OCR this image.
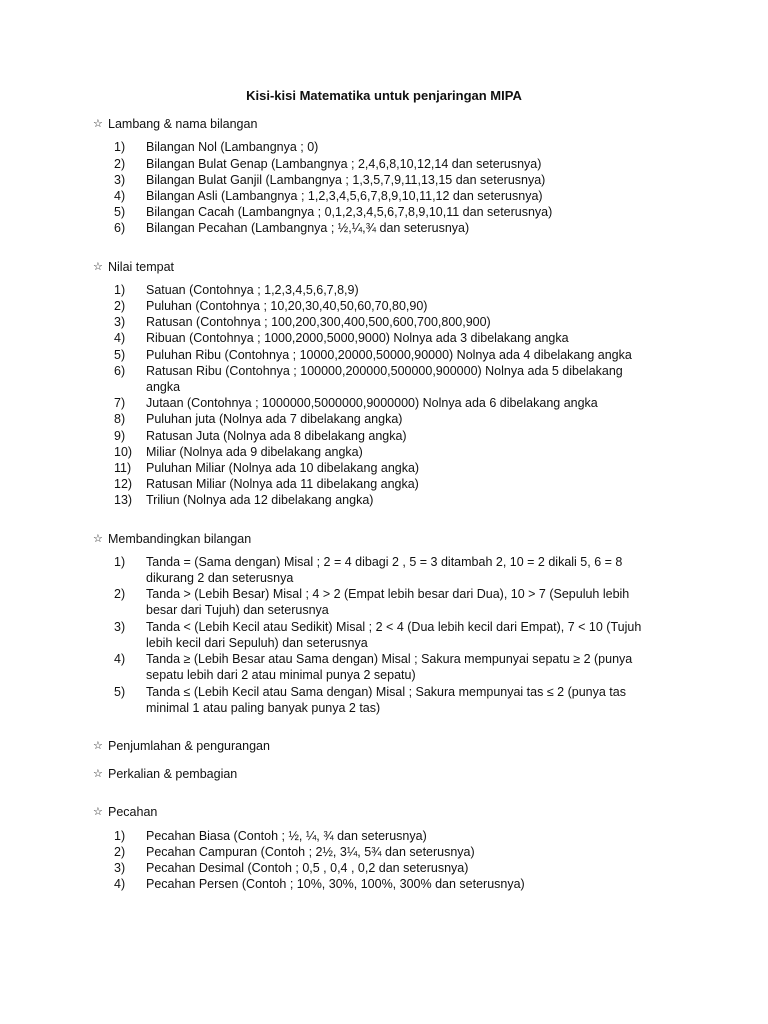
Kisi-kisi Matematika untuk penjaringan MIPA
☆ Lambang & nama bilangan

1) Bilangan Nol (Lambangnya ; 0)
2) Bilangan Bulat Genap (Lambangnya ; 2,4,6,8,10,12,14 dan seterusnya)
3) Bilangan Bulat Ganjil (Lambangnya ; 1,3,5,7,9,11,13,15 dan seterusnya)
4) Bilangan Asli (Lambangnya ; 1,2,3,4,5,6,7,8,9,10,11,12 dan seterusnya)
5) Bilangan Cacah (Lambangnya ; 0,1,2,3,4,5,6,7,8,9,10,11 dan seterusnya)
6) Bilangan Pecahan (Lambangnya ; ½,¼,¾ dan seterusnya)
☆ Nilai tempat

1) Satuan (Contohnya ; 1,2,3,4,5,6,7,8,9)
2) Puluhan (Contohnya ; 10,20,30,40,50,60,70,80,90)
3) Ratusan (Contohnya ; 100,200,300,400,500,600,700,800,900)
4) Ribuan (Contohnya ; 1000,2000,5000,9000) Nolnya ada 3 dibelakang angka
5) Puluhan Ribu (Contohnya ; 10000,20000,50000,90000) Nolnya ada 4 dibelakang angka
6) Ratusan Ribu (Contohnya ; 100000,200000,500000,900000) Nolnya ada 5 dibelakang angka
7) Jutaan (Contohnya ; 1000000,5000000,9000000) Nolnya ada 6 dibelakang angka
8) Puluhan juta (Nolnya ada 7 dibelakang angka)
9) Ratusan Juta (Nolnya ada 8 dibelakang angka)
10) Miliar (Nolnya ada 9 dibelakang angka)
11) Puluhan Miliar (Nolnya ada 10 dibelakang angka)
12) Ratusan Miliar (Nolnya ada 11 dibelakang angka)
13) Triliun (Nolnya ada 12 dibelakang angka)
☆ Membandingkan bilangan

1) Tanda = (Sama dengan) Misal ; 2 = 4 dibagi 2 , 5 = 3 ditambah 2, 10 = 2 dikali 5, 6 = 8 dikurang 2 dan seterusnya
2) Tanda > (Lebih Besar) Misal ; 4 > 2 (Empat lebih besar dari Dua), 10 > 7 (Sepuluh lebih besar dari Tujuh) dan seterusnya
3) Tanda < (Lebih Kecil atau Sedikit) Misal ; 2 < 4 (Dua lebih kecil dari Empat), 7 < 10 (Tujuh lebih kecil dari Sepuluh) dan seterusnya
4) Tanda ≥ (Lebih Besar atau Sama dengan) Misal ; Sakura mempunyai sepatu ≥ 2 (punya sepatu lebih dari 2 atau minimal punya 2 sepatu)
5) Tanda ≤ (Lebih Kecil atau Sama dengan) Misal ; Sakura mempunyai tas ≤ 2 (punya tas minimal 1 atau paling banyak punya 2 tas)
☆ Penjumlahan & pengurangan

☆ Perkalian & pembagian

☆ Pecahan

1) Pecahan Biasa (Contoh ; ½, ¼, ¾ dan seterusnya)
2) Pecahan Campuran (Contoh ; 2½, 3¼, 5¾ dan seterusnya)
3) Pecahan Desimal (Contoh ; 0,5 , 0,4 , 0,2 dan seterusnya)
4) Pecahan Persen (Contoh ; 10%, 30%, 100%, 300% dan seterusnya)
